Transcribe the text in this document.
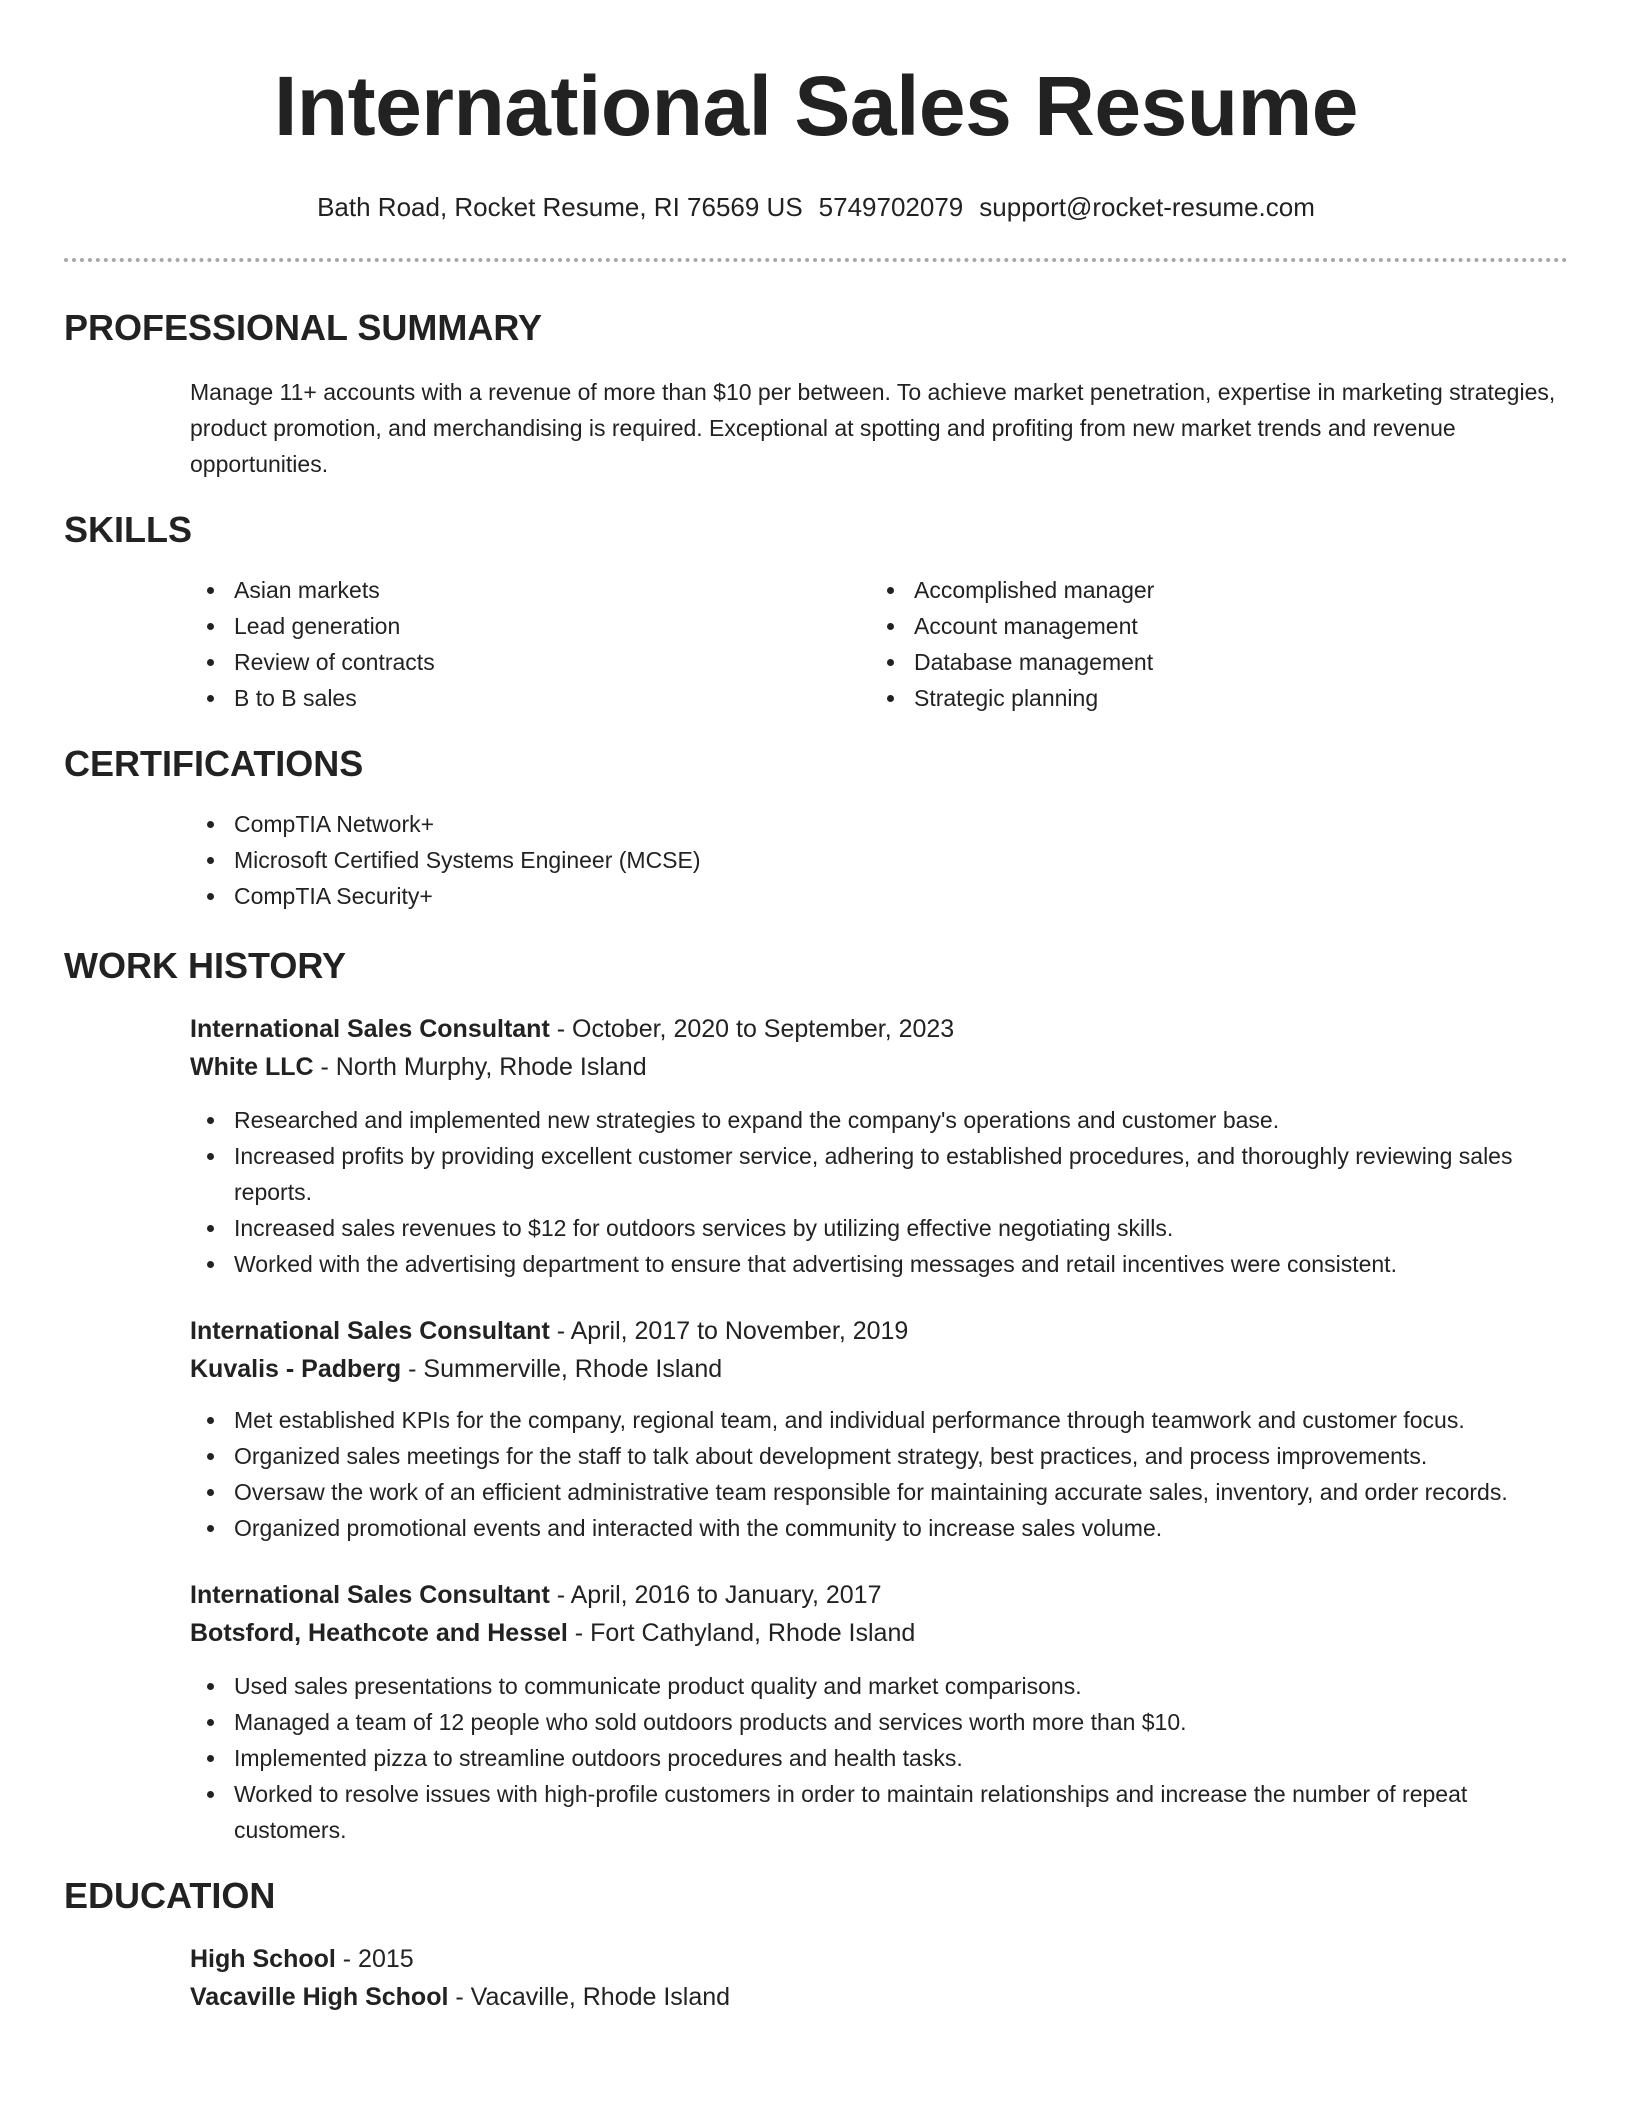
International Sales Resume
Bath Road, Rocket Resume, RI 76569 US 5749702079 support@rocket-resume.com
PROFESSIONAL SUMMARY

Manage 11+ accounts with a revenue of more than $10 per between. To achieve market penetration, expertise in marketing strategies, product promotion, and merchandising is required. Exceptional at spotting and profiting from new market trends and revenue opportunities.

SKILLS
Asian markets
Lead generation
Review of contracts
B to B sales
Accomplished manager
Account management
Database management
Strategic planning
CERTIFICATIONS
CompTIA Network+
Microsoft Certified Systems Engineer (MCSE)
CompTIA Security+
WORK HISTORY
International Sales Consultant - October, 2020 to September, 2023
White LLC - North Murphy, Rhode Island
Researched and implemented new strategies to expand the company's operations and customer base.
Increased profits by providing excellent customer service, adhering to established procedures, and thoroughly reviewing sales reports.
Increased sales revenues to $12 for outdoors services by utilizing effective negotiating skills.
Worked with the advertising department to ensure that advertising messages and retail incentives were consistent.
International Sales Consultant - April, 2017 to November, 2019
Kuvalis - Padberg - Summerville, Rhode Island
Met established KPIs for the company, regional team, and individual performance through teamwork and customer focus.
Organized sales meetings for the staff to talk about development strategy, best practices, and process improvements.
Oversaw the work of an efficient administrative team responsible for maintaining accurate sales, inventory, and order records.
Organized promotional events and interacted with the community to increase sales volume.
International Sales Consultant - April, 2016 to January, 2017
Botsford, Heathcote and Hessel - Fort Cathyland, Rhode Island
Used sales presentations to communicate product quality and market comparisons.
Managed a team of 12 people who sold outdoors products and services worth more than $10.
Implemented pizza to streamline outdoors procedures and health tasks.
Worked to resolve issues with high-profile customers in order to maintain relationships and increase the number of repeat customers.
EDUCATION
High School - 2015
Vacaville High School - Vacaville, Rhode Island
